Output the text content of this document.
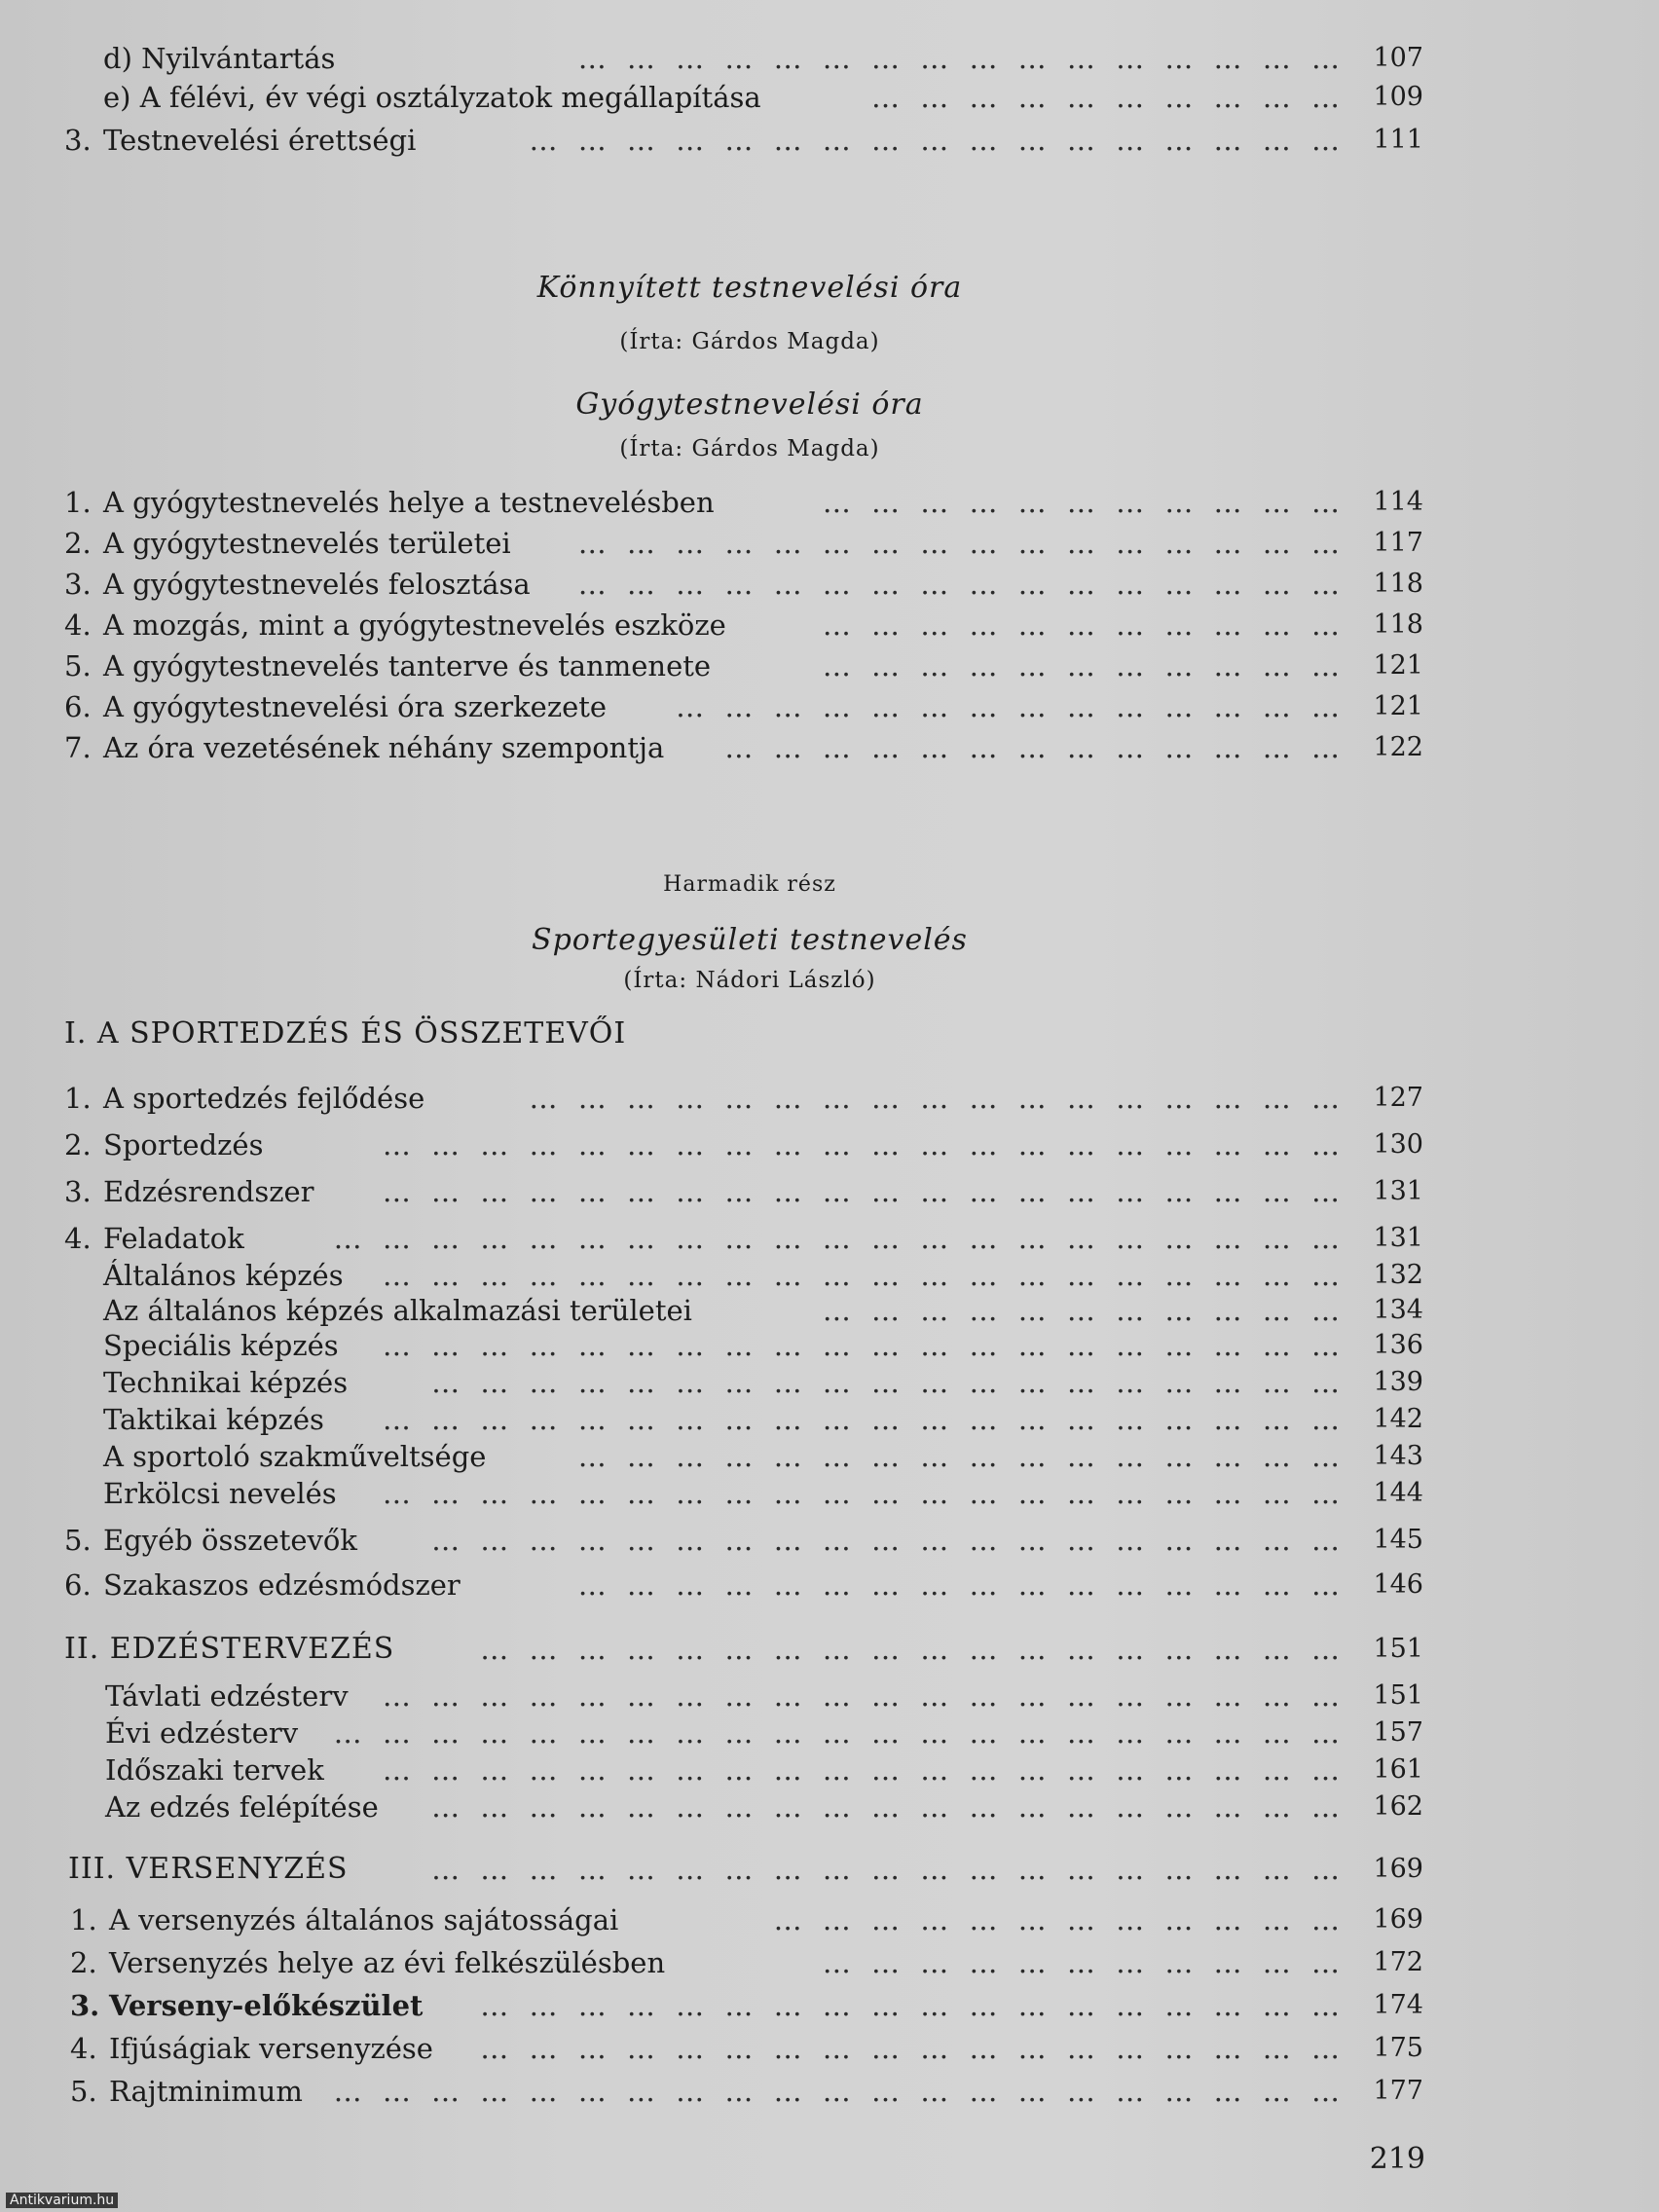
d) Nyilvántartás	… … … … … … … … … … … … … … … …	107
e) A félévi, év végi osztályzatok megállapítása	… … … … … … … … … …	109
3. Testnevelési érettségi	… … … … … … … … … … … … … … … … …	111
Könnyített testnevelési óra
(Írta: Gárdos Magda)
Gyógytestnevelési óra
(Írta: Gárdos Magda)
1. A gyógytestnevelés helye a testnevelésben	… … … … … … … … … … …	114
2. A gyógytestnevelés területei	… … … … … … … … … … … … … … … …	117
3. A gyógytestnevelés felosztása	… … … … … … … … … … … … … … … …	118
4. A mozgás, mint a gyógytestnevelés eszköze	… … … … … … … … … … …	118
5. A gyógytestnevelés tanterve és tanmenete	… … … … … … … … … … …	121
6. A gyógytestnevelési óra szerkezete	… … … … … … … … … … … … … …	121
7. Az óra vezetésének néhány szempontja … … … … … … … … … … … … …	122
Harmadik rész
Sportegyesületi testnevelés
(Írta: Nádori László)
I. A SPORTEDZÉS ÉS ÖSSZETEVŐI
1. A sportedzés fejlődése	… … … … … … … … … … … … … … … … …	127
2. Sportedzés	… … … … … … … … … … … … … … … … … … … …	130
3. Edzésrendszer	… … … … … … … … … … … … … … … … … … … …	131
4. Feladatok	… … … … … … … … … … … … … … … … … … … … …	131
Általános képzés	… … … … … … … … … … … … … … … … … … … …	132
Az általános képzés alkalmazási területei	… … … … … … … … … … …	134
Speciális képzés	… … … … … … … … … … … … … … … … … … … …	136
Technikai képzés	… … … … … … … … … … … … … … … … … … …	139
Taktikai képzés	… … … … … … … … … … … … … … … … … … … …	142
A sportoló szakműveltsége	… … … … … … … … … … … … … … … …	143
Erkölcsi nevelés	… … … … … … … … … … … … … … … … … … … …	144
5. Egyéb összetevők	… … … … … … … … … … … … … … … … … … …	145
6. Szakaszos edzésmódszer	… … … … … … … … … … … … … … … …	146
II. EDZÉSTERVEZÉS	… … … … … … … … … … … … … … … … … …	151
Távlati edzésterv	… … … … … … … … … … … … … … … … … … … …	151
Évi edzésterv	… … … … … … … … … … … … … … … … … … … … …	157
Időszaki tervek	… … … … … … … … … … … … … … … … … … … …	161
Az edzés felépítése	… … … … … … … … … … … … … … … … … … …	162
III. VERSENYZÉS	… … … … … … … … … … … … … … … … … … …	169
1. A versenyzés általános sajátosságai	… … … … … … … … … … … …	169
2. Versenyzés helye az évi felkészülésben	… … … … … … … … … … …	172
3. Verseny-előkészület	… … … … … … … … … … … … … … … … … …	174
4. Ifjúságiak versenyzése	… … … … … … … … … … … … … … … … … …	175
5. Rajtminimum … … … … … … … … … … … … … … … … … … … … …	177
219
Antikvarium.hu
